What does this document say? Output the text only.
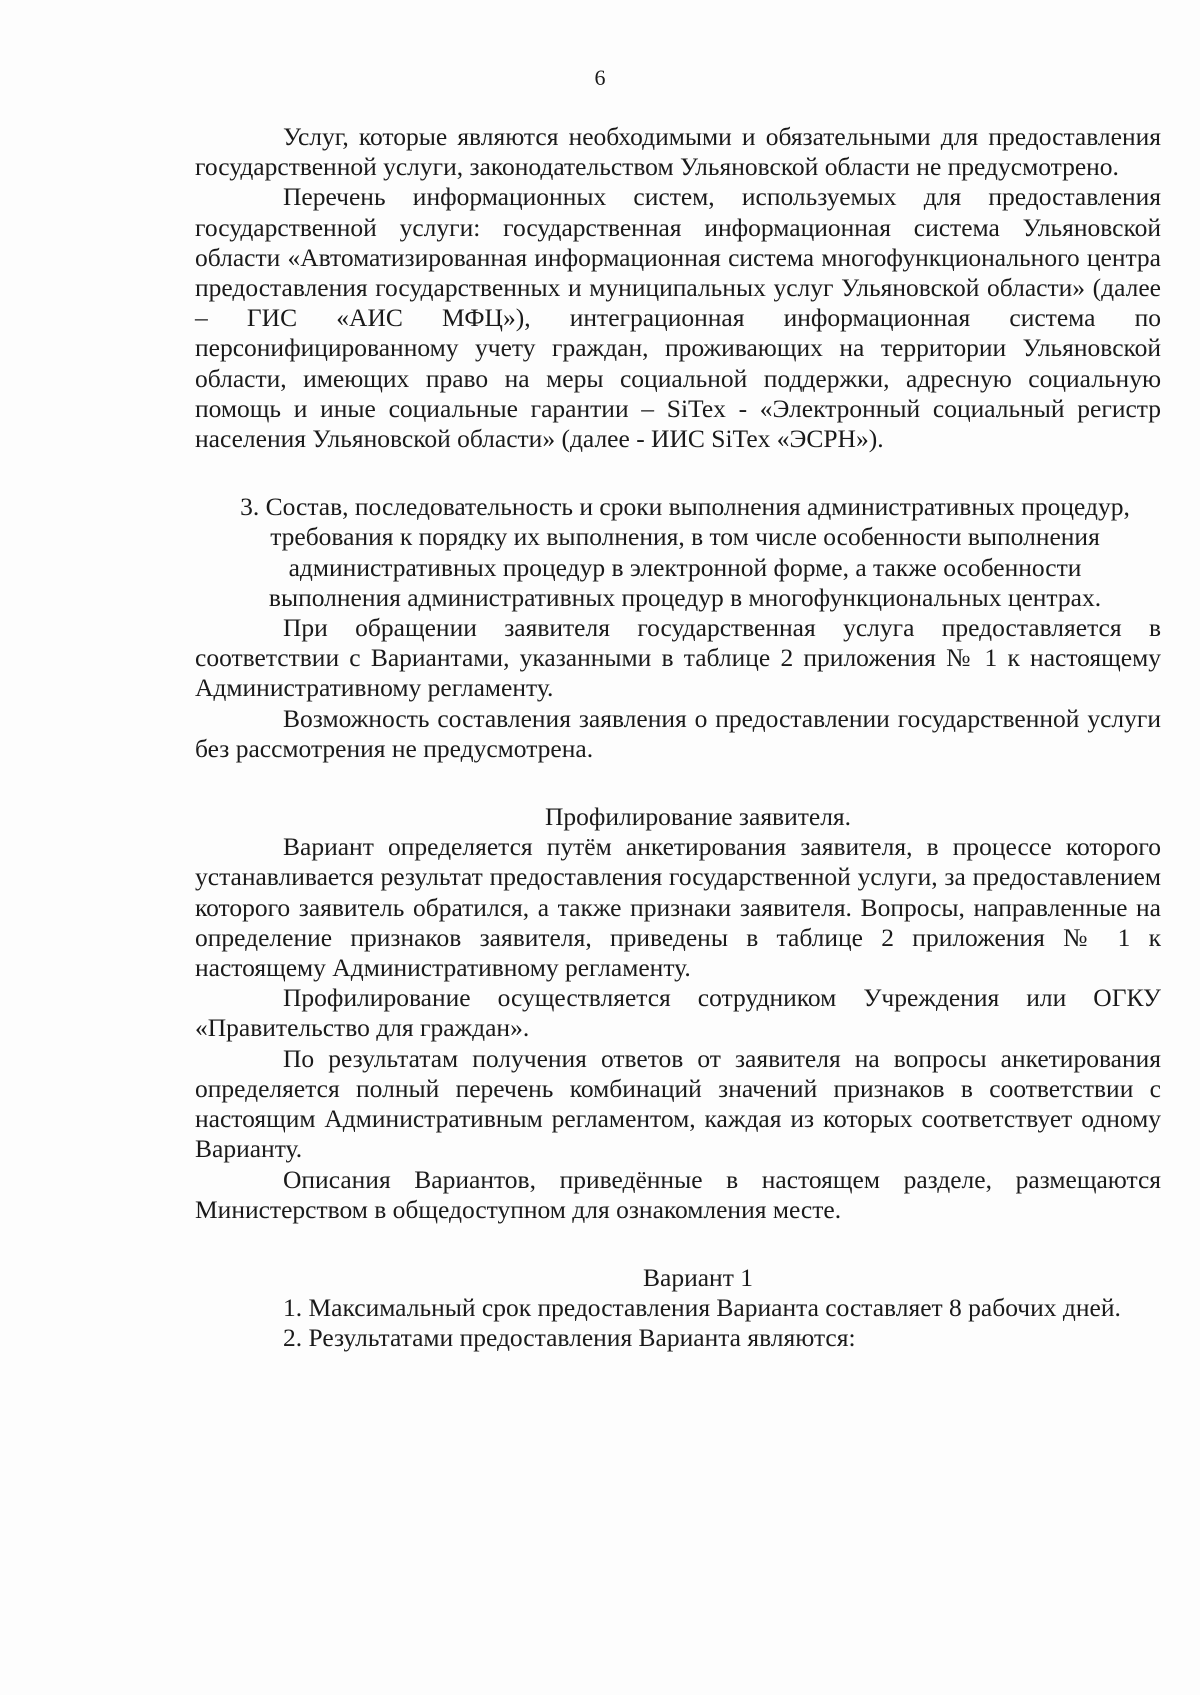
6

Услуг, которые являются необходимыми и обязательными для предоставления государственной услуги, законодательством Ульяновской области не предусмотрено.

Перечень информационных систем, используемых для предоставления государственной услуги: государственная информационная система Ульяновской области «Автоматизированная информационная система многофункционального центра предоставления государственных и муниципальных услуг Ульяновской области» (далее – ГИС «АИС МФЦ»), интеграционная информационная система по персонифицированному учету граждан, проживающих на территории Ульяновской области, имеющих право на меры социальной поддержки, адресную социальную помощь и иные социальные гарантии – SiTex - «Электронный социальный регистр населения Ульяновской области» (далее - ИИС SiTex «ЭСРН»).

3. Состав, последовательность и сроки выполнения административных процедур, требования к порядку их выполнения, в том числе особенности выполнения административных процедур в электронной форме, а также особенности выполнения административных процедур в многофункциональных центрах.

При обращении заявителя государственная услуга предоставляется в соответствии с Вариантами, указанными в таблице 2 приложения № 1 к настоящему Административному регламенту.

Возможность составления заявления о предоставлении государственной услуги без рассмотрения не предусмотрена.

Профилирование заявителя.

Вариант определяется путём анкетирования заявителя, в процессе которого устанавливается результат предоставления государственной услуги, за предоставлением которого заявитель обратился, а также признаки заявителя. Вопросы, направленные на определение признаков заявителя, приведены в таблице 2 приложения № 1 к настоящему Административному регламенту.

Профилирование осуществляется сотрудником Учреждения или ОГКУ «Правительство для граждан».

По результатам получения ответов от заявителя на вопросы анкетирования определяется полный перечень комбинаций значений признаков в соответствии с настоящим Административным регламентом, каждая из которых соответствует одному Варианту.

Описания Вариантов, приведённые в настоящем разделе, размещаются Министерством в общедоступном для ознакомления месте.

Вариант 1

1. Максимальный срок предоставления Варианта составляет 8 рабочих дней.

2. Результатами предоставления Варианта являются:
